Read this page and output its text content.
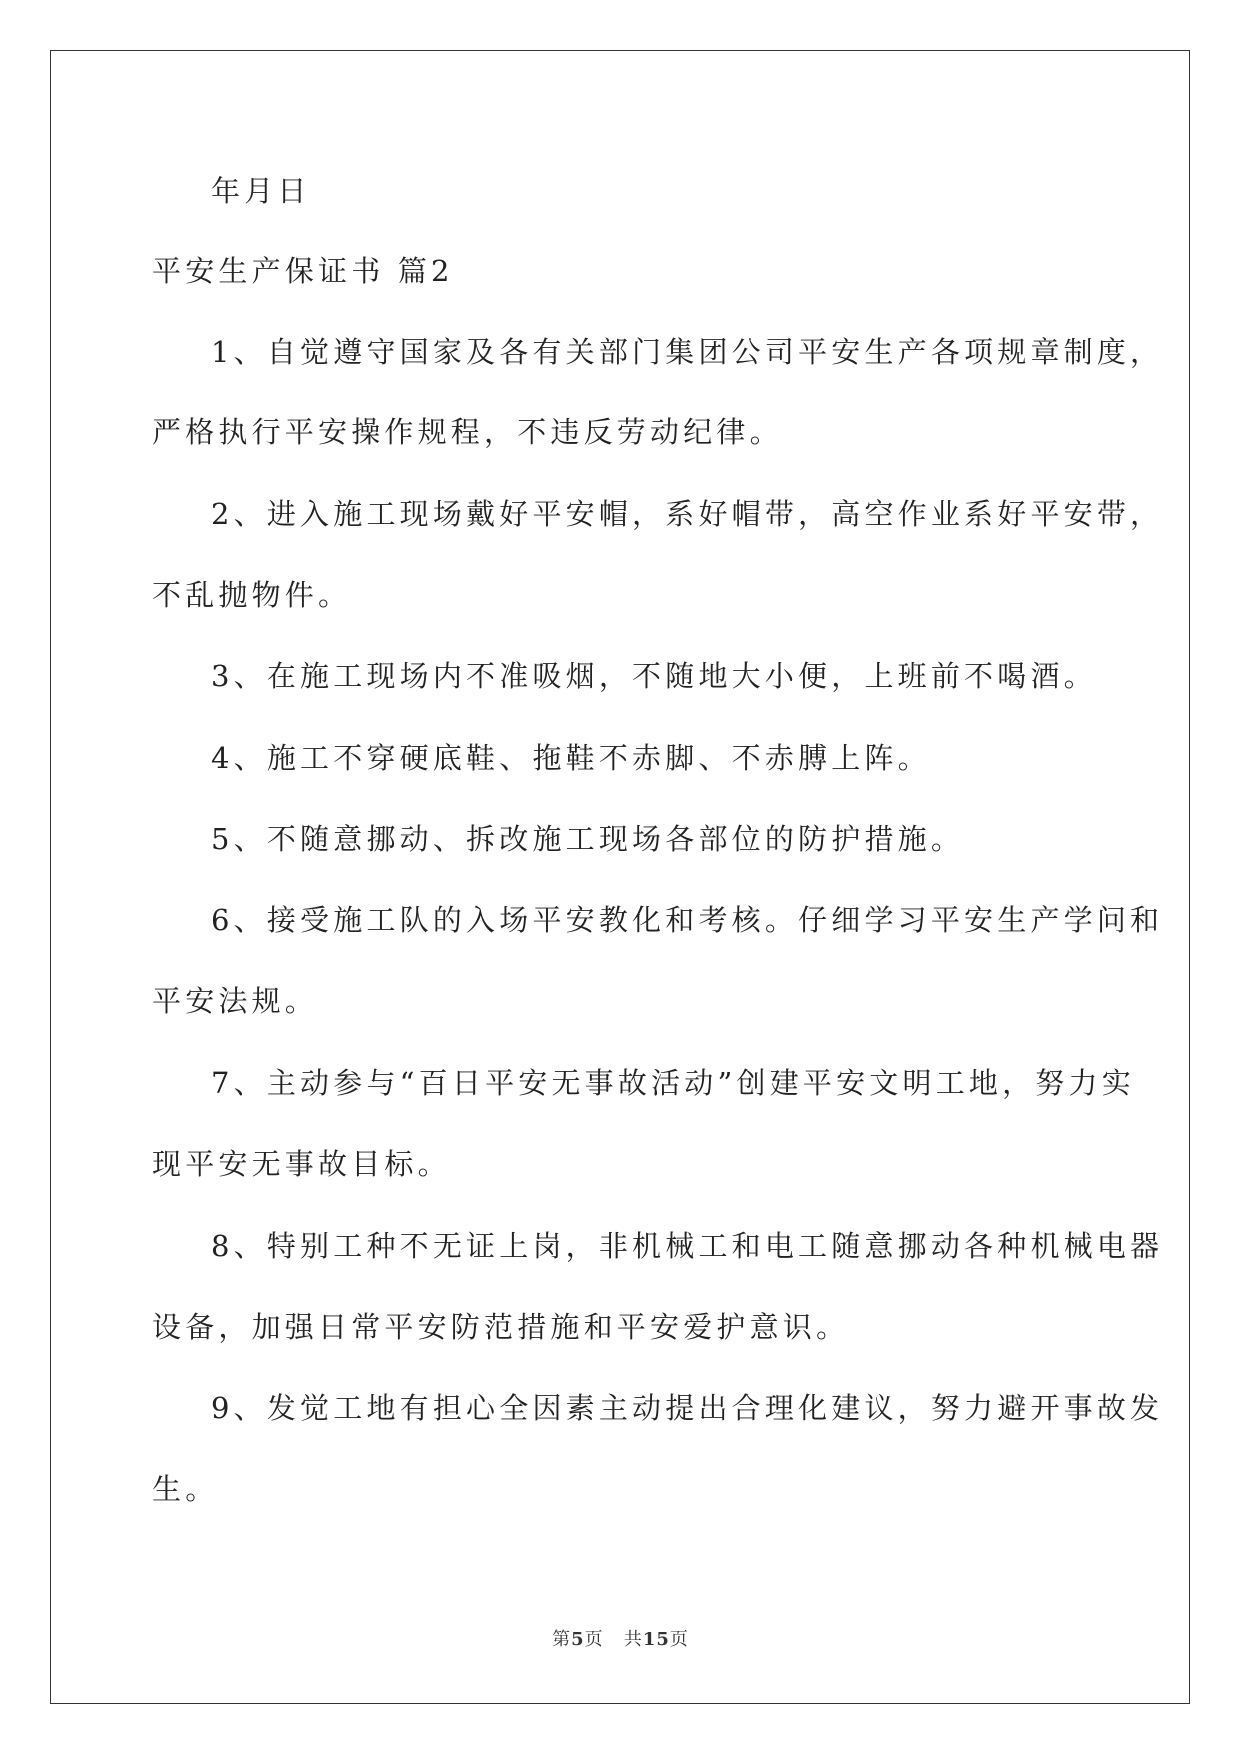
年月日
平安生产保证书 篇2
1、自觉遵守国家及各有关部门集团公司平安生产各项规章制度，
严格执行平安操作规程，不违反劳动纪律。
2、进入施工现场戴好平安帽，系好帽带，高空作业系好平安带，
不乱抛物件。
3、在施工现场内不准吸烟，不随地大小便，上班前不喝酒。
4、施工不穿硬底鞋、拖鞋不赤脚、不赤膊上阵。
5、不随意挪动、拆改施工现场各部位的防护措施。
6、接受施工队的入场平安教化和考核。仔细学习平安生产学问和
平安法规。
7、主动参与“百日平安无事故活动”创建平安文明工地，努力实
现平安无事故目标。
8、特别工种不无证上岗，非机械工和电工随意挪动各种机械电器
设备，加强日常平安防范措施和平安爱护意识。
9、发觉工地有担心全因素主动提出合理化建议，努力避开事故发
生。
第5页 共15页
